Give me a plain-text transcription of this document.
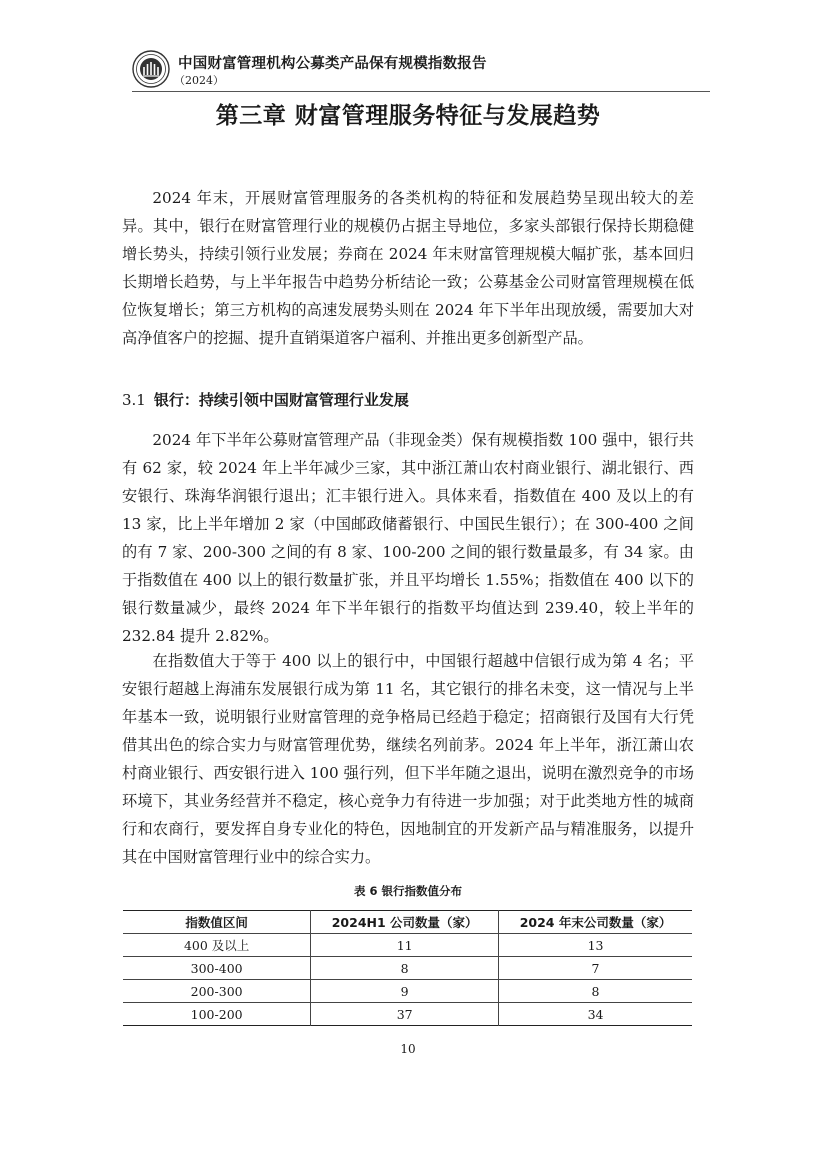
中国财富管理机构公募类产品保有规模指数报告
（2024）
第三章 财富管理服务特征与发展趋势

2024 年末，开展财富管理服务的各类机构的特征和发展趋势呈现出较大的差异。其中，银行在财富管理行业的规模仍占据主导地位，多家头部银行保持长期稳健增长势头，持续引领行业发展；券商在 2024 年末财富管理规模大幅扩张，基本回归长期增长趋势，与上半年报告中趋势分析结论一致；公募基金公司财富管理规模在低位恢复增长；第三方机构的高速发展势头则在 2024 年下半年出现放缓，需要加大对高净值客户的挖掘、提升直销渠道客户福利、并推出更多创新型产品。

3.1 银行：持续引领中国财富管理行业发展

2024 年下半年公募财富管理产品（非现金类）保有规模指数 100 强中，银行共有 62 家，较 2024 年上半年减少三家，其中浙江萧山农村商业银行、湖北银行、西安银行、珠海华润银行退出；汇丰银行进入。具体来看，指数值在 400 及以上的有 13 家，比上半年增加 2 家（中国邮政储蓄银行、中国民生银行）；在 300-400 之间的有 7 家、200-300 之间的有 8 家、100-200 之间的银行数量最多，有 34 家。由于指数值在 400 以上的银行数量扩张，并且平均增长 1.55%；指数值在 400 以下的银行数量减少，最终 2024 年下半年银行的指数平均值达到 239.40，较上半年的 232.84 提升 2.82%。

在指数值大于等于 400 以上的银行中，中国银行超越中信银行成为第 4 名；平安银行超越上海浦东发展银行成为第 11 名，其它银行的排名未变，这一情况与上半年基本一致，说明银行业财富管理的竞争格局已经趋于稳定；招商银行及国有大行凭借其出色的综合实力与财富管理优势，继续名列前茅。2024 年上半年，浙江萧山农村商业银行、西安银行进入 100 强行列，但下半年随之退出，说明在激烈竞争的市场环境下，其业务经营并不稳定，核心竞争力有待进一步加强；对于此类地方性的城商行和农商行，要发挥自身专业化的特色，因地制宜的开发新产品与精准服务，以提升其在中国财富管理行业中的综合实力。

表 6 银行指数值分布
指数值区间	2024H1 公司数量（家）	2024 年末公司数量（家）
400 及以上	11	13
300-400	8	7
200-300	9	8
100-200	37	34
10
